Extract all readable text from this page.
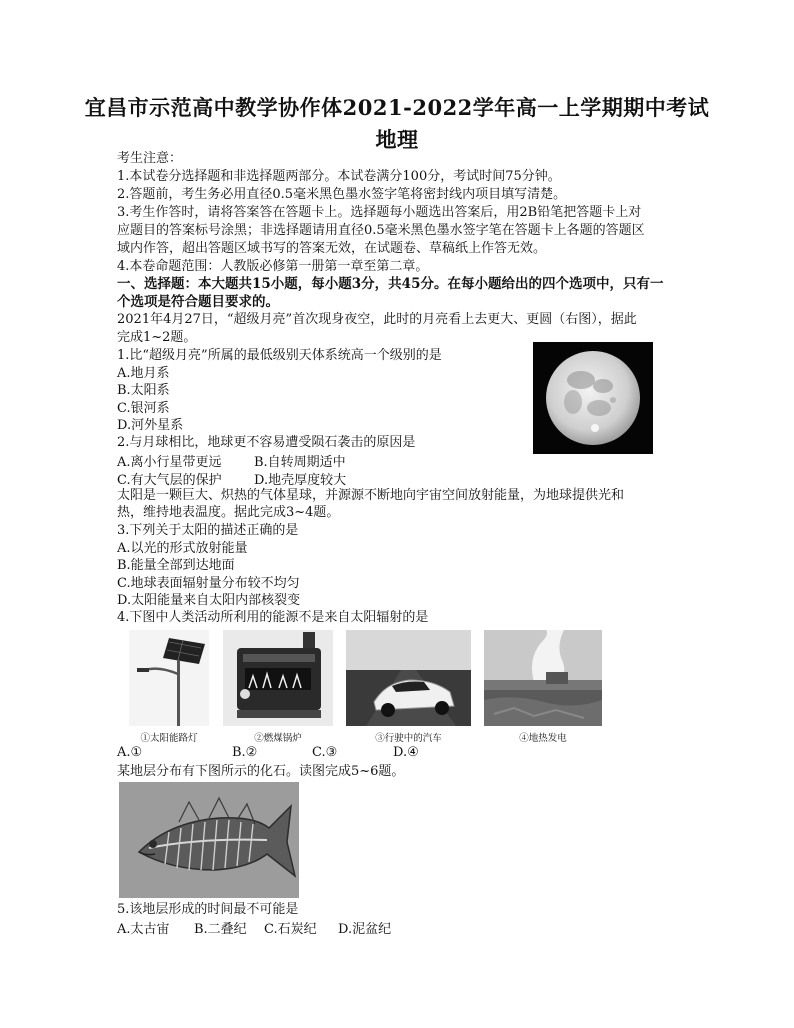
宜昌市示范高中教学协作体2021-2022学年高一上学期期中考试
地理
考生注意：
1.本试卷分选择题和非选择题两部分。本试卷满分100分，考试时间75分钟。
2.答题前，考生务必用直径0.5毫米黑色墨水签字笔将密封线内项目填写清楚。
3.考生作答时，请将答案答在答题卡上。选择题每小题选出答案后，用2B铅笔把答题卡上对
应题目的答案标号涂黑；非选择题请用直径0.5毫米黑色墨水签字笔在答题卡上各题的答题区
域内作答，超出答题区域书写的答案无效，在试题卷、草稿纸上作答无效。
4.本卷命题范围：人教版必修第一册第一章至第二章。
一、选择题：本大题共15小题，每小题3分，共45分。在每小题给出的四个选项中，只有一
个选项是符合题目要求的。
2021年4月27日，“超级月亮”首次现身夜空，此时的月亮看上去更大、更圆（右图），据此
完成1~2题。
1.比“超级月亮”所属的最低级别天体系统高一个级别的是
A.地月系
B.太阳系
C.银河系
D.河外星系
2.与月球相比，地球更不容易遭受陨石袭击的原因是
A.离小行星带更远 B.自转周期适中
C.有大气层的保护 D.地壳厚度较大
太阳是一颗巨大、炽热的气体星球，并源源不断地向宇宙空间放射能量，为地球提供光和
热，维持地表温度。据此完成3~4题。
3.下列关于太阳的描述正确的是
A.以光的形式放射能量
B.能量全部到达地面
C.地球表面辐射量分布较不均匀
D.太阳能量来自太阳内部核裂变
4.下图中人类活动所利用的能源不是来自太阳辐射的是
①太阳能路灯	②燃煤锅炉	③行驶中的汽车	④地热发电
A.①	B.②	C.③	D.④
某地层分布有下图所示的化石。读图完成5~6题。
5.该地层形成的时间最不可能是
A.太古宙 B.二叠纪 C.石炭纪 D.泥盆纪
